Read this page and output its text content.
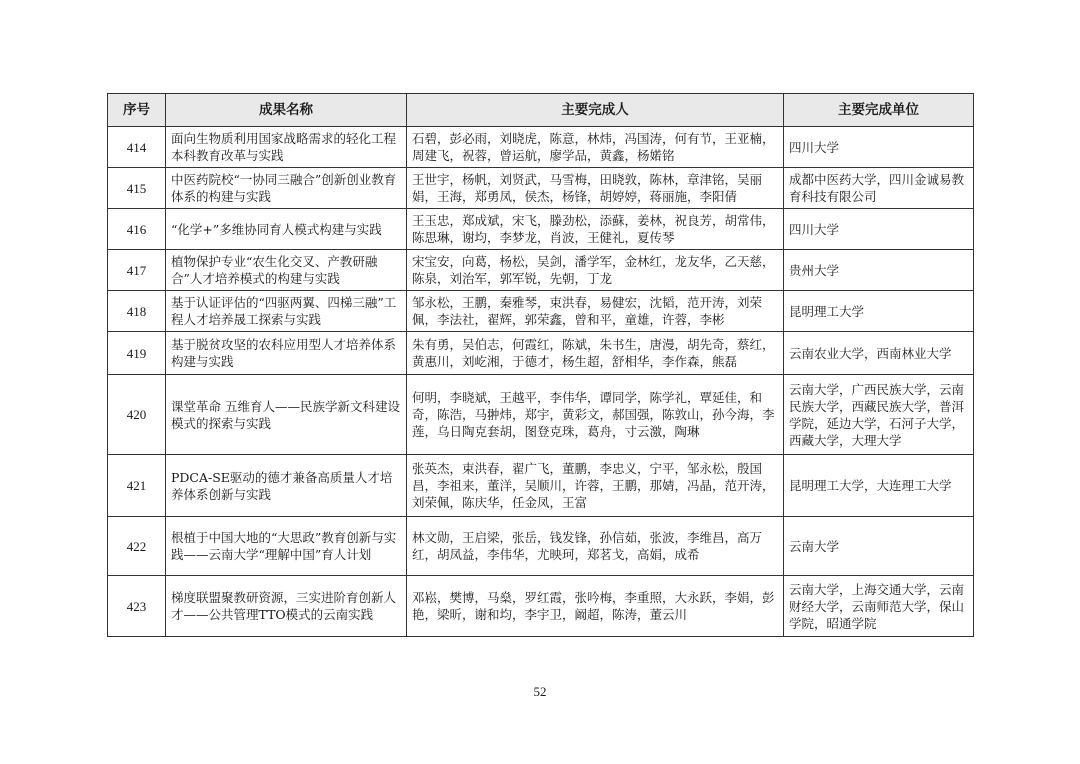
序号	成果名称	主要完成人	主要完成单位
414	面向生物质利用国家战略需求的轻化工程本科教育改革与实践	石碧，彭必雨，刘晓虎，陈意，林炜，冯国涛，何有节，王亚楠，周建飞，祝蓉，曾运航，廖学品，黄鑫，杨婼铭	四川大学
415	中医药院校“一协同三融合”创新创业教育体系的构建与实践	王世宇，杨帆，刘贤武，马雪梅，田晓敦，陈林，章津铭，吴丽娟，王海，郑勇凤，侯杰，杨锋，胡婷婷，蒋丽施，李阳倩	成都中医药大学，四川金诚易教育科技有限公司
416	“化学+”多维协同育人模式构建与实践	王玉忠，郑成斌，宋飞，滕劲松，添蘇，姜林，祝良芳，胡常伟，陈思琳，谢均，李梦龙，肖波，王健礼，夏传琴	四川大学
417	植物保护专业“农生化交叉、产教研融合”人才培养模式的构建与实践	宋宝安，向葛，杨松，吴剑，潘学军，金林红，龙友华，乙天慈，陈泉，刘治军，郭军锐，先朝，丁龙	贵州大学
418	基于认证评估的“四驱两翼、四梯三融”工程人才培养晟工探索与实践	邹永松，王鹏，秦雅琴，束洪春，易健宏，沈韬，范开涛，刘荣佩，李法社，翟辉，郭荣鑫，曾和平，童雄，许蓉，李彬	昆明理工大学
419	基于脱贫攻坚的农科应用型人才培养体系构建与实践	朱有勇，吴伯志，何霞红，陈斌，朱书生，唐漫，胡先奇，蔡红，黄惠川，刘屹湘，于德才，杨生超，舒相华，李作森，熊磊	云南农业大学，西南林业大学
420	课堂革命 五维育人——民族学新文科建设模式的探索与实践	何明，李晓斌，王越平，李伟华，谭同学，陈学礼，覃延佳，和奇，陈浩，马翀炜，郑宇，黄彩文，郝国强，陈敦山，孙今海，李莲，乌日陶克套胡，图登克珠，葛舟，寸云激，陶琳	云南大学，广西民族大学，云南民族大学，西藏民族大学，普洱学院，延边大学，石河子大学，西藏大学，大理大学
421	PDCA-SE驱动的德才兼备高质量人才培养体系创新与实践	张英杰，束洪春，翟广飞，董鹏，李忠义，宁平，邹永松，殷国昌，李祖来，董洋，吴顺川，许蓉，王鹏，那婧，冯晶，范开涛，刘荣佩，陈庆华，任金凤，王富	昆明理工大学，大连理工大学
422	根植于中国大地的“大思政”教育创新与实践——云南大学“理解中国”育人计划	林文勋，王启梁，张岳，钱发锋，孙信茹，张波，李维昌，高万红，胡凤益，李伟华，尤映珂，郑茗戈，高娟，成希	云南大学
423	梯度联盟聚教研资源，三实进阶育创新人才——公共管理TTO模式的云南实践	邓崧，樊博，马燊，罗红霞，张吟梅，李重照，大永跃，李娟，彭艳，梁昕，谢和均，李宇卫，阚超，陈涛，董云川	云南大学，上海交通大学，云南财经大学，云南师范大学，保山学院，昭通学院
52
